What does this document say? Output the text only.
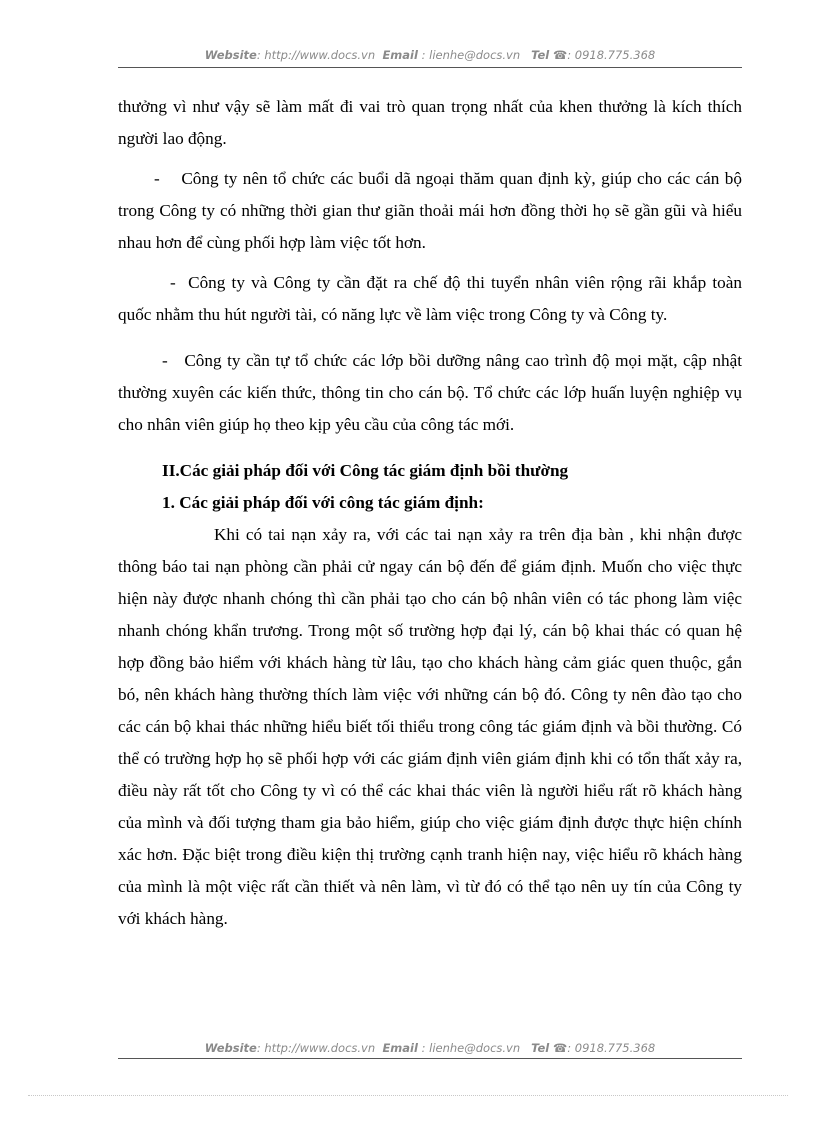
Website: http://www.docs.vn Email : lienhe@docs.vn Tel ☎: 0918.775.368

thưởng vì như vậy sẽ làm mất đi vai trò quan trọng nhất của khen thưởng là kích thích người lao động.

-    Công ty nên tổ chức các buổi dã ngoại thăm quan định kỳ, giúp cho các cán bộ trong Công ty có những thời gian thư giãn thoải mái hơn đồng thời họ sẽ gần gũi và hiểu nhau hơn để cùng phối hợp làm việc tốt hơn.

-  Công ty và Công ty cần đặt ra chế độ thi tuyển nhân viên rộng rãi khắp toàn quốc nhằm thu hút người tài, có năng lực về làm việc trong Công ty và Công ty.

-   Công ty cần tự tổ chức các lớp bồi dưỡng nâng cao trình độ mọi mặt, cập nhật thường xuyên các kiến thức, thông tin cho cán bộ. Tổ chức các lớp huấn luyện nghiệp vụ cho nhân viên giúp họ theo kịp yêu cầu của công tác mới.

II.Các giải pháp đối với Công tác giám định bồi thường

1. Các giải pháp đối với công tác giám định:

Khi có tai nạn xảy ra, với các tai nạn xảy ra trên địa bàn , khi nhận được thông báo tai nạn phòng cần phải cử ngay cán bộ đến để giám định. Muốn cho việc thực hiện này được nhanh chóng thì cần phải tạo cho cán bộ nhân viên có tác phong làm việc nhanh chóng khẩn trương. Trong một số trường hợp đại lý, cán bộ khai thác có quan hệ hợp đồng bảo hiểm với khách hàng từ lâu, tạo cho khách hàng cảm giác quen thuộc, gắn bó, nên khách hàng thường thích làm việc với những cán bộ đó. Công ty nên đào tạo cho các cán bộ khai thác những hiểu biết tối thiểu trong công tác giám định và bồi thường. Có thể có trường hợp họ sẽ phối hợp với các giám định viên giám định khi có tổn thất xảy ra, điều này rất tốt cho Công ty vì có thể các khai thác viên là người hiểu rất rõ khách hàng của mình và đối tượng tham gia bảo hiểm, giúp cho việc giám định được thực hiện chính xác hơn. Đặc biệt trong điều kiện thị trường cạnh tranh hiện nay, việc hiểu rõ khách hàng của mình là một việc rất cần thiết và nên làm, vì từ đó có thể tạo nên uy tín của Công ty với khách hàng.

Website: http://www.docs.vn Email : lienhe@docs.vn Tel ☎: 0918.775.368
